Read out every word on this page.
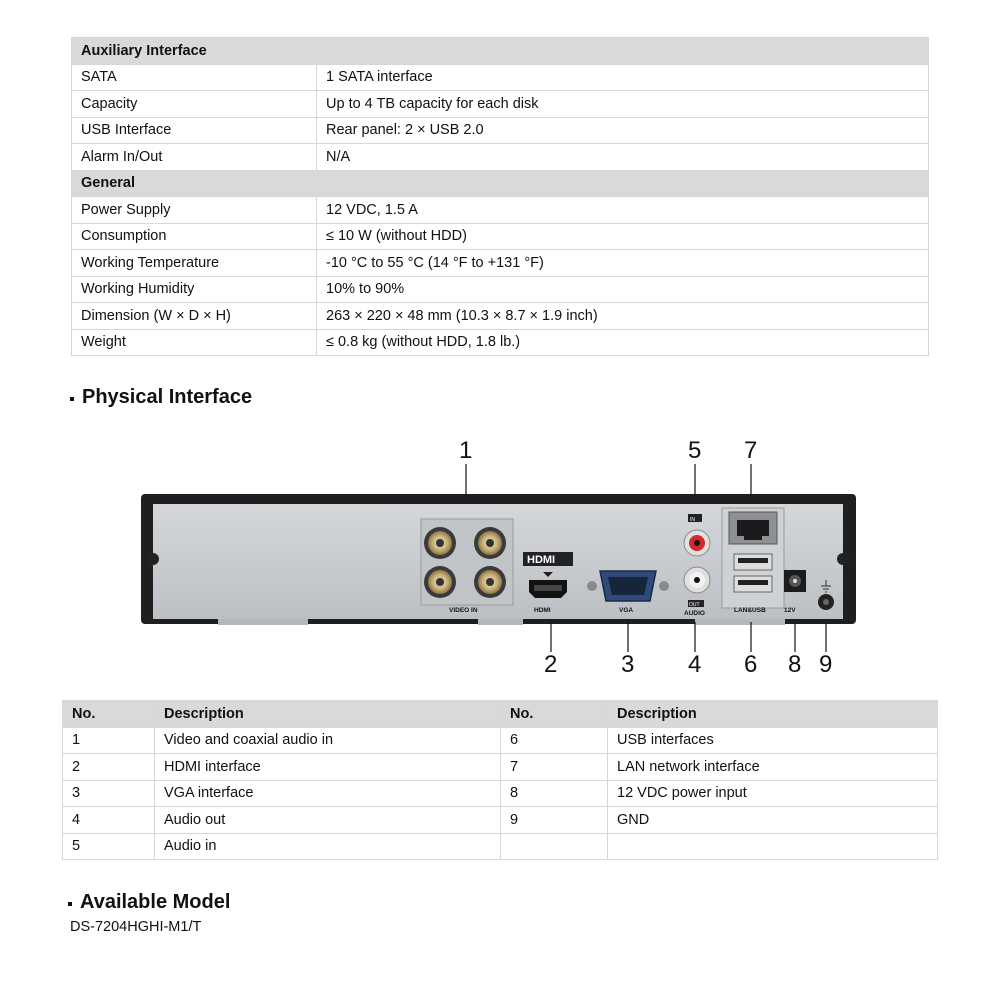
Auxiliary Interface	
SATA	1 SATA interface
Capacity	Up to 4 TB capacity for each disk
USB Interface	Rear panel: 2 × USB 2.0
Alarm In/Out	N/A
General	
Power Supply	12 VDC, 1.5 A
Consumption	≤ 10 W (without HDD)
Working Temperature	-10 °C to 55 °C (14 °F to +131 °F)
Working Humidity	10% to 90%
Dimension (W × D × H)	263 × 220 × 48 mm (10.3 × 8.7 × 1.9 inch)
Weight	≤ 0.8 kg (without HDD, 1.8 lb.)
Physical Interface
VIDEO IN
HDMI
HDMI	VGA
IN
OUT
AUDIO	LAN&USB	12V
1
2	3 4
5
6
7
8 9
No.	Description	No.	Description
1	Video and coaxial audio in	6	USB interfaces
2	HDMI interface	7	LAN network interface
3	VGA interface	8	12 VDC power input
4	Audio out	9	GND
5	Audio in		
Available Model
DS-7204HGHI-M1/T
